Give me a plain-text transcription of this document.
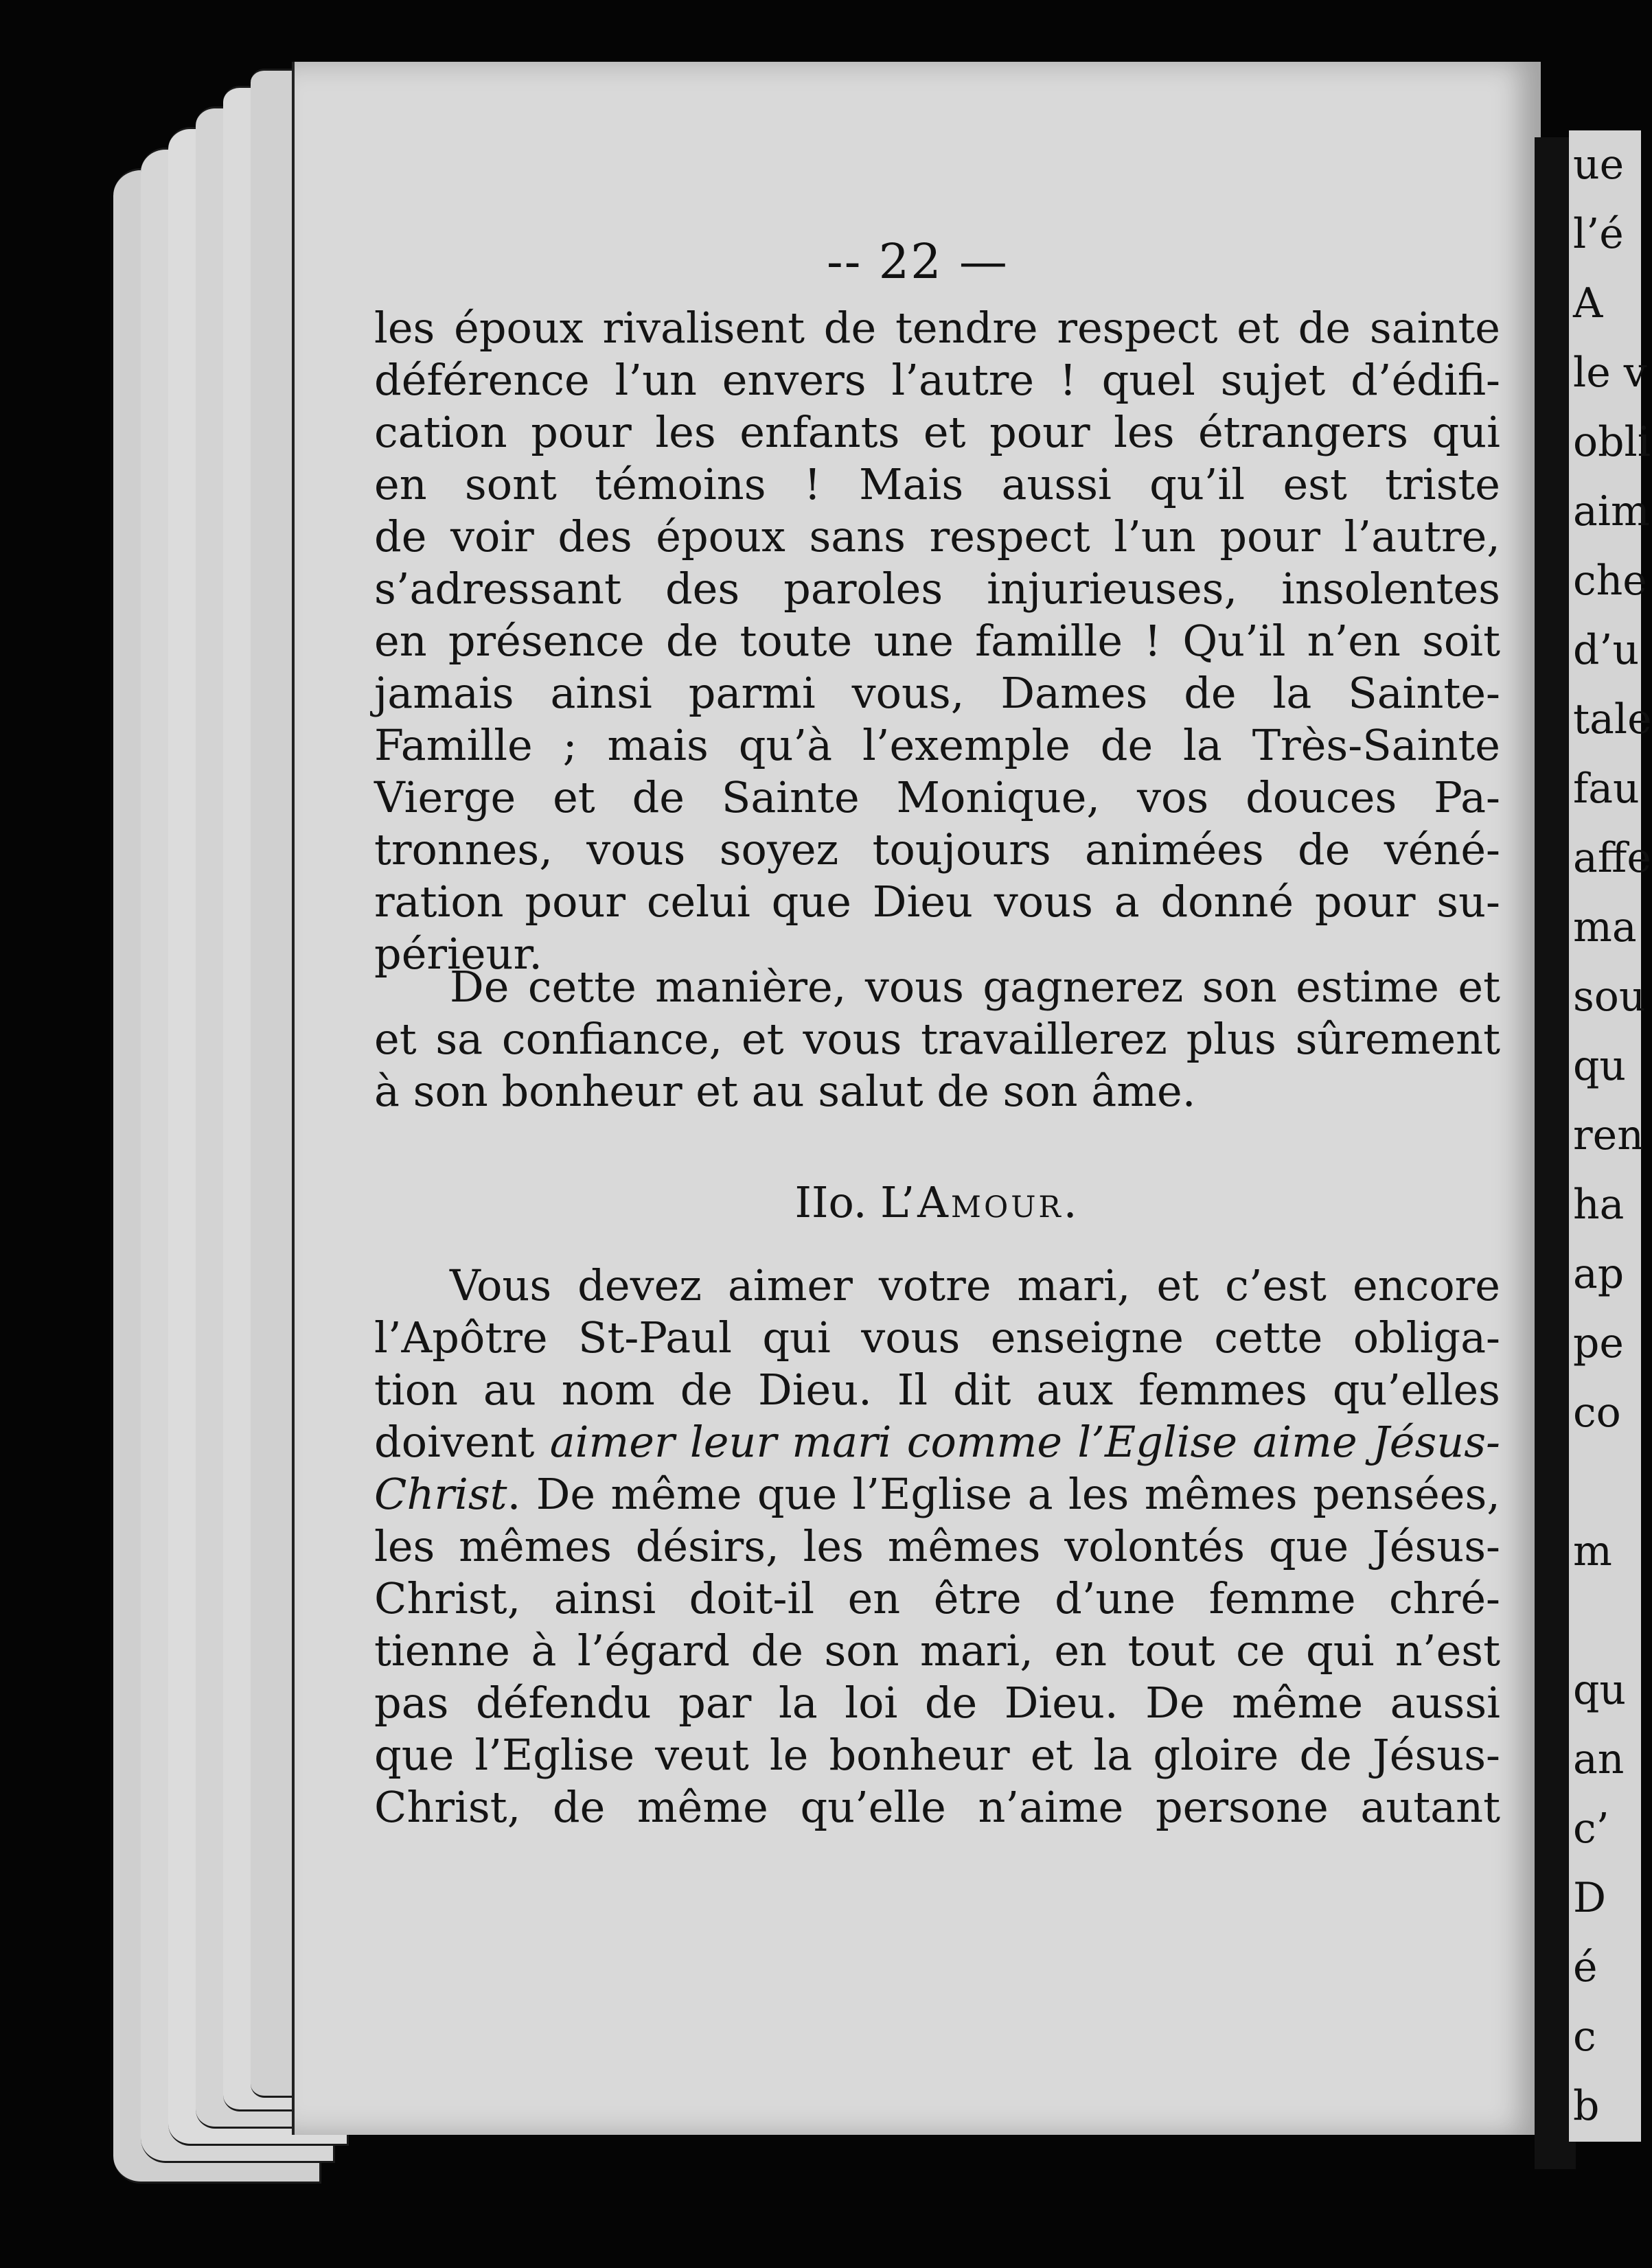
-- 22 —
ue
l’é
A
le v
obli
aim
che
d’u
tale
fau
affe
ma
sou
qu
ren
ha
ap
pe
co
m
qu
an
c’
D
é
c
b
les époux rivalisent de tendre respect et de sainte
déférence l’un envers l’autre ! quel sujet d’édifi-
cation pour les enfants et pour les étrangers qui
en sont témoins ! Mais aussi qu’il est triste
de voir des époux sans respect l’un pour l’autre,
s’adressant des paroles injurieuses, insolentes
en présence de toute une famille ! Qu’il n’en soit
jamais ainsi parmi vous, Dames de la Sainte-
Famille ; mais qu’à l’exemple de la Très-Sainte
Vierge et de Sainte Monique, vos douces Pa-
tronnes, vous soyez toujours animées de véné-
ration pour celui que Dieu vous a donné pour su-
périeur.
De cette manière, vous gagnerez son estime et
et sa confiance, et vous travaillerez plus sûrement
à son bonheur et au salut de son âme.
IIo. L’Amour.
Vous devez aimer votre mari, et c’est encore
l’Apôtre St-Paul qui vous enseigne cette obliga-
tion au nom de Dieu. Il dit aux femmes qu’elles
doivent aimer leur mari comme l’Eglise aime Jésus-
Christ. De même que l’Eglise a les mêmes pensées,
les mêmes désirs, les mêmes volontés que Jésus-
Christ, ainsi doit-il en être d’une femme chré-
tienne à l’égard de son mari, en tout ce qui n’est
pas défendu par la loi de Dieu. De même aussi
que l’Eglise veut le bonheur et la gloire de Jésus-
Christ, de même qu’elle n’aime persone autant
